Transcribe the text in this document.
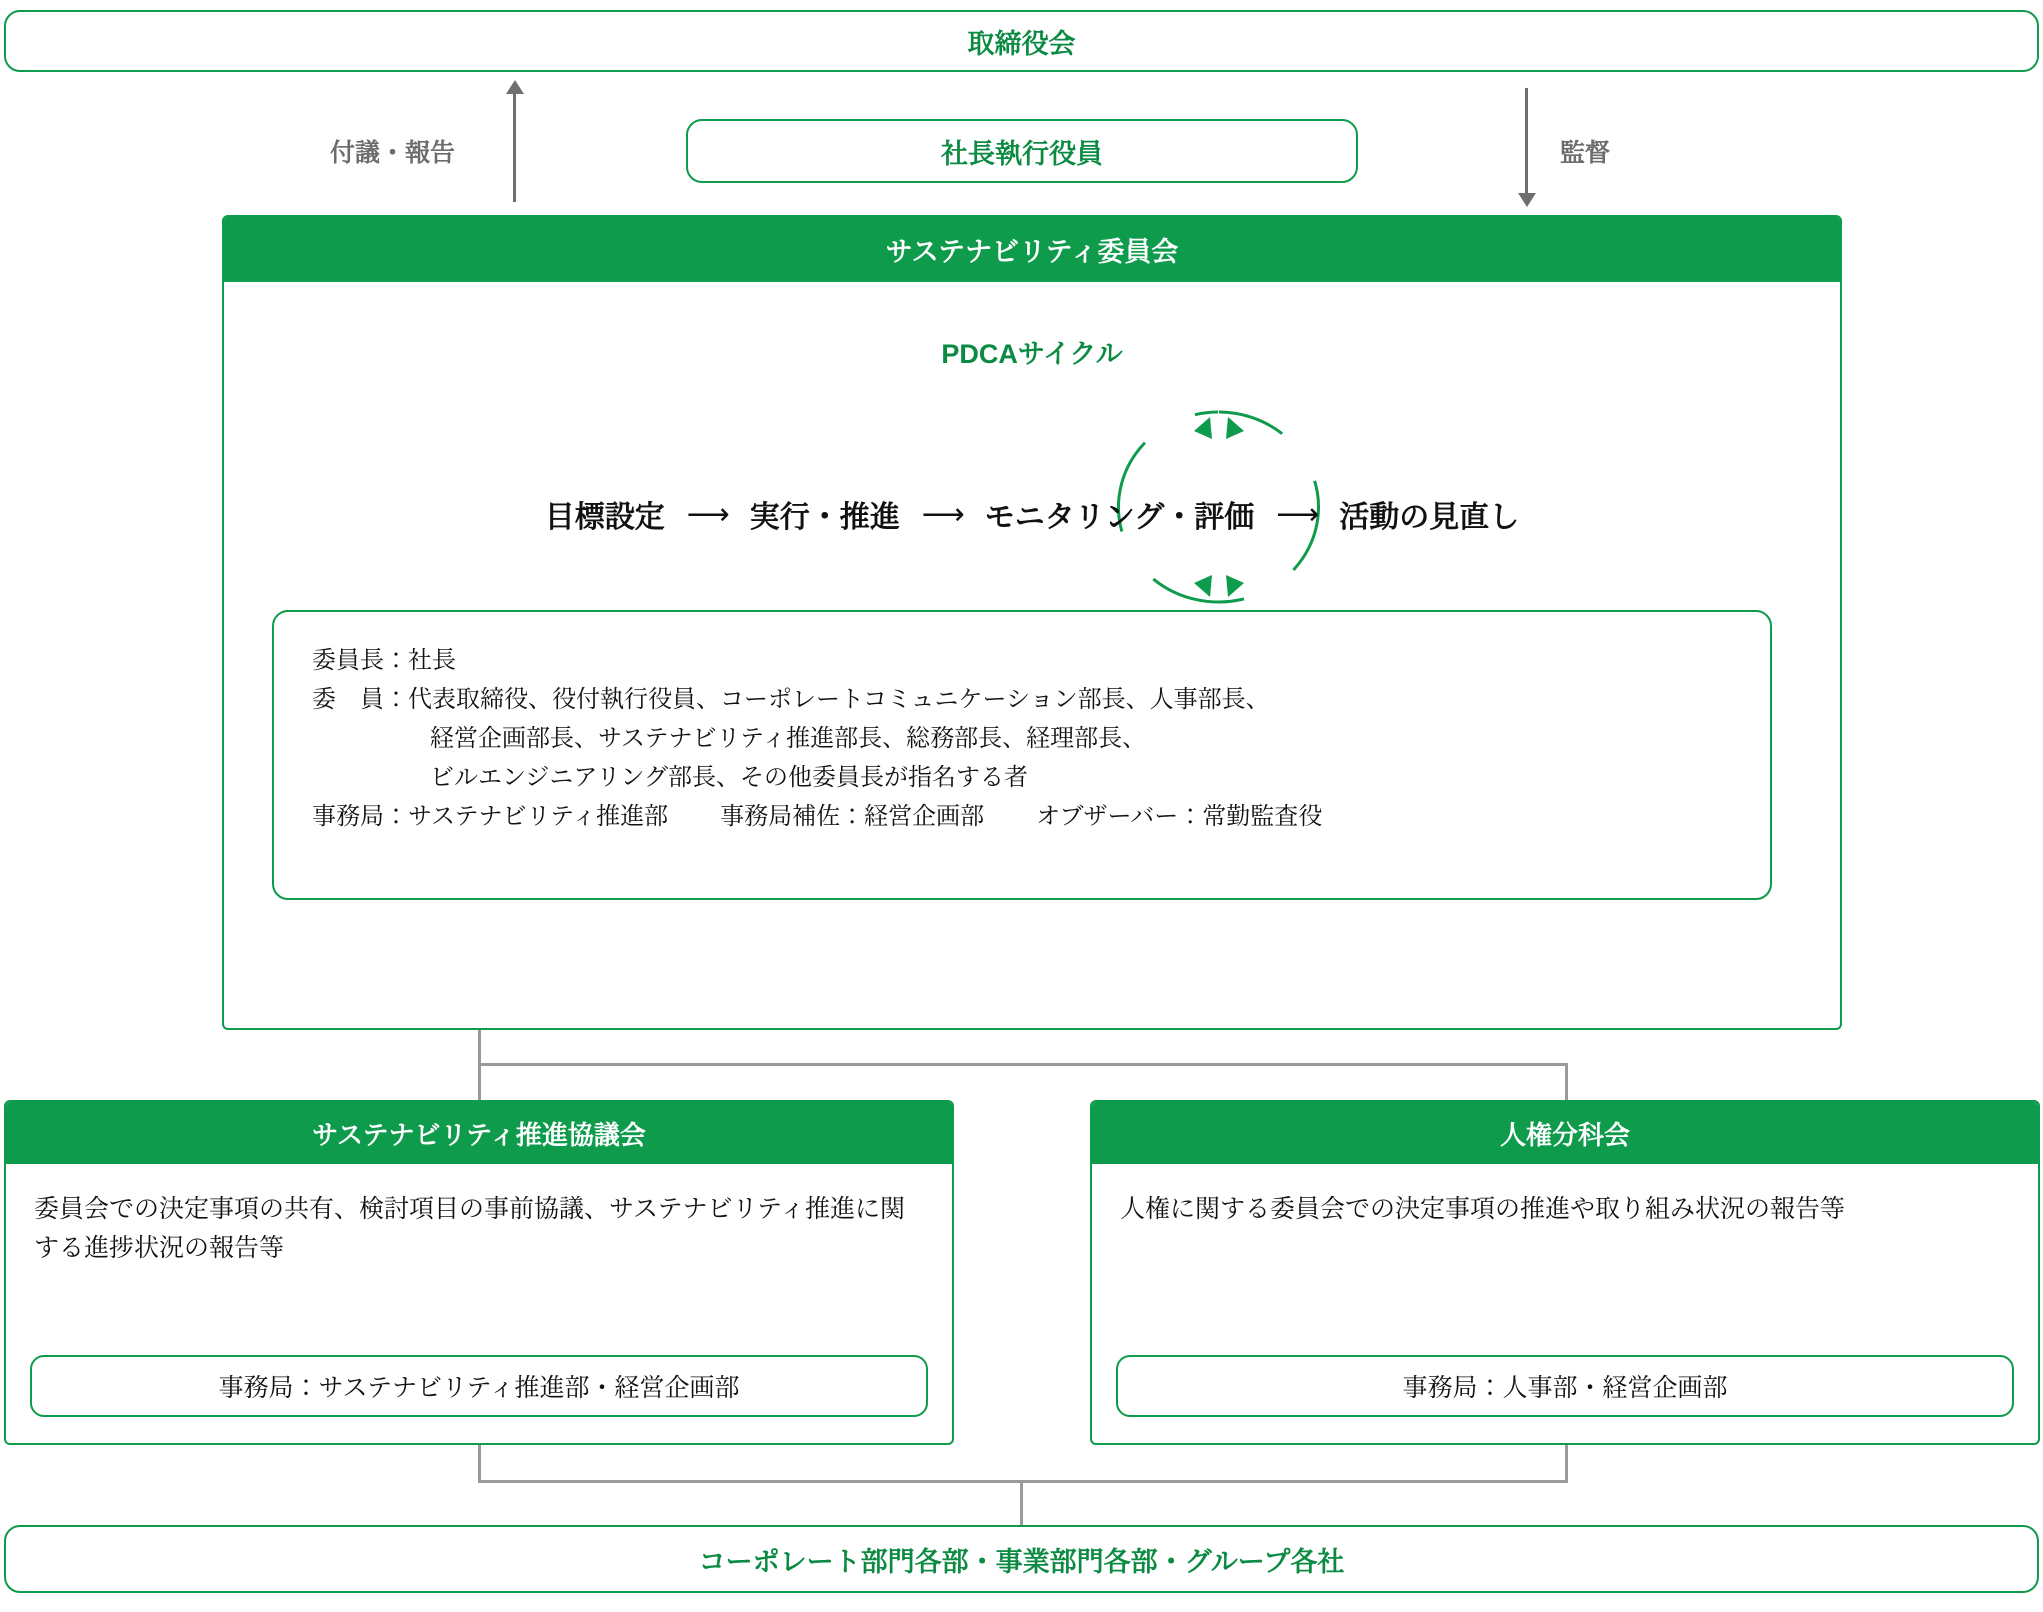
取締役会
社長執行役員
付議・報告	監督
サステナビリティ委員会
PDCAサイクル
目標設定 ⟶ 実行・推進 ⟶ モニタリング・評価 ⟶ 活動の見直し
委員長：社長
委　員：代表取締役、役付執行役員、コーポレートコミュニケーション部長、人事部長、
経営企画部長、サステナビリティ推進部長、総務部長、経理部長、
ビルエンジニアリング部長、その他委員長が指名する者
事務局：サステナビリティ推進部 事務局補佐：経営企画部 オブザーバー：常勤監査役
サステナビリティ推進協議会
委員会での決定事項の共有、検討項目の事前協議、サステナビリティ推進に関する進捗状況の報告等
事務局：サステナビリティ推進部・経営企画部
人権分科会
人権に関する委員会での決定事項の推進や取り組み状況の報告等
事務局：人事部・経営企画部
コーポレート部門各部・事業部門各部・グループ各社
